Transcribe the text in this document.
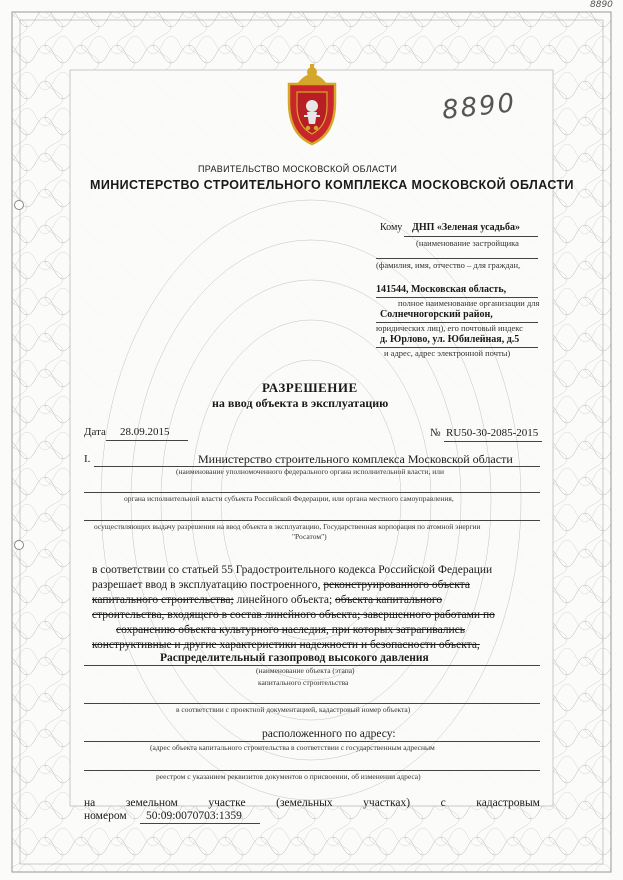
8890
8890
ПРАВИТЕЛЬСТВО МОСКОВСКОЙ ОБЛАСТИ
МИНИСТЕРСТВО СТРОИТЕЛЬНОГО КОМПЛЕКСА МОСКОВСКОЙ ОБЛАСТИ
Кому ДНП «Зеленая усадьба»
(наименование застройщика
(фамилия, имя, отчество – для граждан,
141544, Московская область,
полное наименование организации для
Солнечногорский район,
юридических лиц), его почтовый индекс
д. Юрлово, ул. Юбилейная, д.5
и адрес, адрес электронной почты)
РАЗРЕШЕНИЕ
на ввод объекта в эксплуатацию
Дата 28.09.2015	№ RU50-30-2085-2015
I.	Министерство строительного комплекса Московской области
(наименование уполномоченного федерального органа исполнительной власти, или
органа исполнительной власти субъекта Российской Федерации, или органа местного самоуправления,
осуществляющих выдачу разрешения на ввод объекта в эксплуатацию, Государственная корпорация по атомной энергии
"Росатом")
в соответствии со статьей 55 Градостроительного кодекса Российской Федерации
разрешает ввод в эксплуатацию построенного, реконструированного объекта
капитального строительства; линейного объекта; объекта капитального
строительства, входящего в состав линейного объекта; завершенного работами по
сохранению объекта культурного наследия, при которых затрагивались
конструктивные и другие характеристики надежности и безопасности объекта,
Распределительный газопровод высокого давления
(наименование объекта (этапа)
капитального строительства
в соответствии с проектной документацией, кадастровый номер объекта)
расположенного по адресу:
(адрес объекта капитального строительства в соответствии с государственным адресным
реестром с указанием реквизитов документов о присвоении, об изменении адреса)
на	земельном	участке	(земельных	участках)	с	кадастровым
номером 50:09:0070703:1359
